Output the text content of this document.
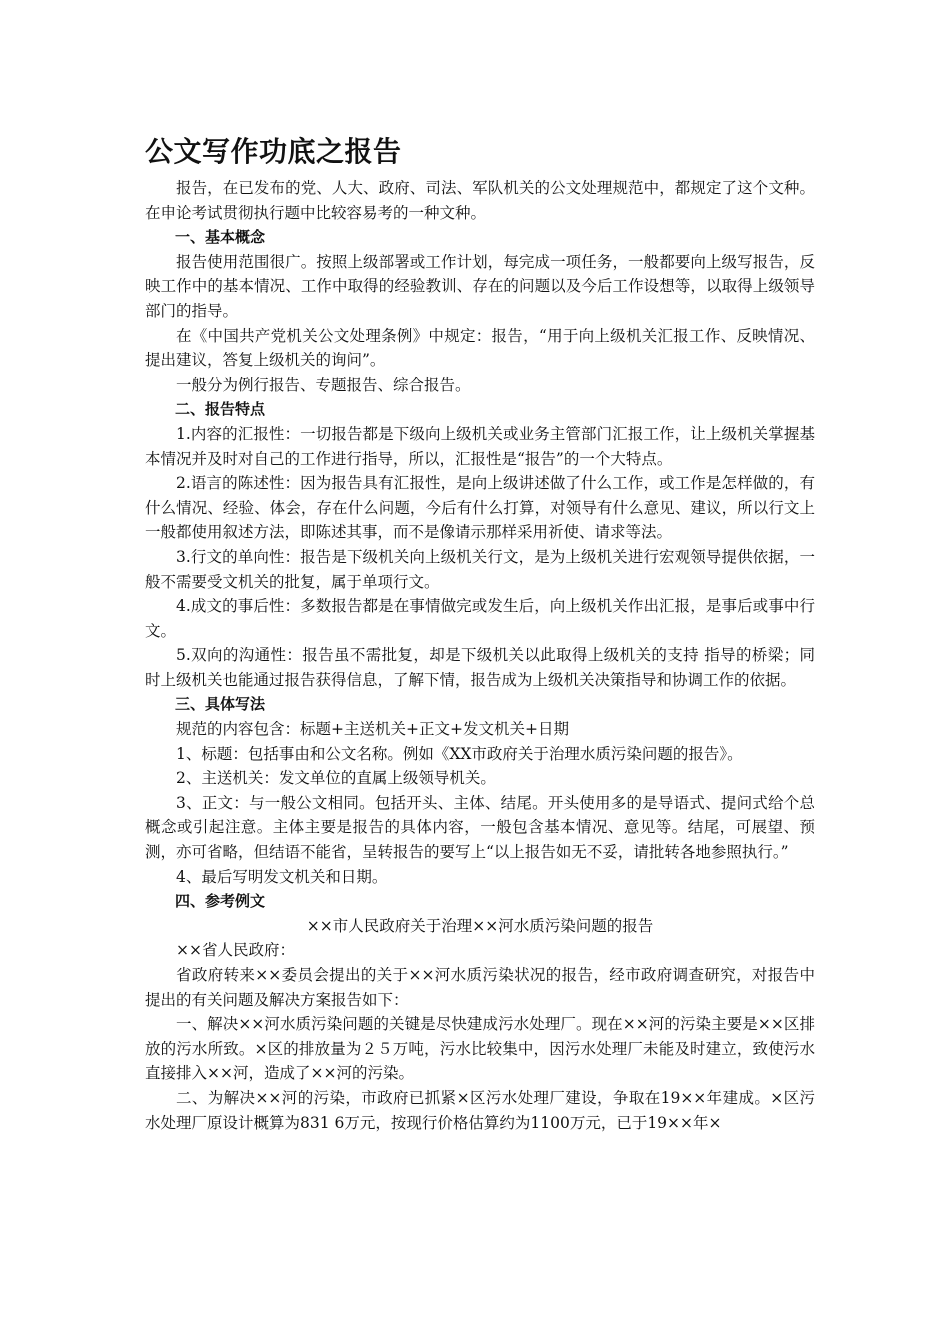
公文写作功底之报告

报告，在已发布的党、人大、政府、司法、军队机关的公文处理规范中，都规定了这个文种。在申论考试贯彻执行题中比较容易考的一种文种。

一、基本概念

报告使用范围很广。按照上级部署或工作计划，每完成一项任务，一般都要向上级写报告，反映工作中的基本情况、工作中取得的经验教训、存在的问题以及今后工作设想等，以取得上级领导部门的指导。

在《中国共产党机关公文处理条例》中规定：报告，“用于向上级机关汇报工作、反映情况、提出建议，答复上级机关的询问”。

一般分为例行报告、专题报告、综合报告。

二、报告特点

1.内容的汇报性：一切报告都是下级向上级机关或业务主管部门汇报工作，让上级机关掌握基本情况并及时对自己的工作进行指导，所以，汇报性是“报告”的一个大特点。

2.语言的陈述性：因为报告具有汇报性，是向上级讲述做了什么工作，或工作是怎样做的，有什么情况、经验、体会，存在什么问题，今后有什么打算，对领导有什么意见、建议，所以行文上一般都使用叙述方法，即陈述其事，而不是像请示那样采用祈使、请求等法。

3.行文的单向性：报告是下级机关向上级机关行文，是为上级机关进行宏观领导提供依据，一般不需要受文机关的批复，属于单项行文。

4.成文的事后性：多数报告都是在事情做完或发生后，向上级机关作出汇报，是事后或事中行文。

5.双向的沟通性：报告虽不需批复，却是下级机关以此取得上级机关的支持 指导的桥梁；同时上级机关也能通过报告获得信息，了解下情，报告成为上级机关决策指导和协调工作的依据。

三、具体写法

规范的内容包含：标题+主送机关+正文+发文机关+日期

1、标题：包括事由和公文名称。例如《XX市政府关于治理水质污染问题的报告》。

2、主送机关：发文单位的直属上级领导机关。

3、正文：与一般公文相同。包括开头、主体、结尾。开头使用多的是导语式、提问式给个总概念或引起注意。主体主要是报告的具体内容，一般包含基本情况、意见等。结尾，可展望、预测，亦可省略，但结语不能省，呈转报告的要写上“以上报告如无不妥，请批转各地参照执行。”

4、最后写明发文机关和日期。

四、参考例文

××市人民政府关于治理××河水质污染问题的报告

××省人民政府：

省政府转来××委员会提出的关于××河水质污染状况的报告，经市政府调查研究，对报告中提出的有关问题及解决方案报告如下：

一、解决××河水质污染问题的关键是尽快建成污水处理厂。现在××河的污染主要是××区排放的污水所致。×区的排放量为２５万吨，污水比较集中，因污水处理厂未能及时建立，致使污水直接排入××河，造成了××河的污染。

二、为解决××河的污染，市政府已抓紧×区污水处理厂建设，争取在19××年建成。×区污水处理厂原设计概算为831 6万元，按现行价格估算约为1100万元，已于19××年×
